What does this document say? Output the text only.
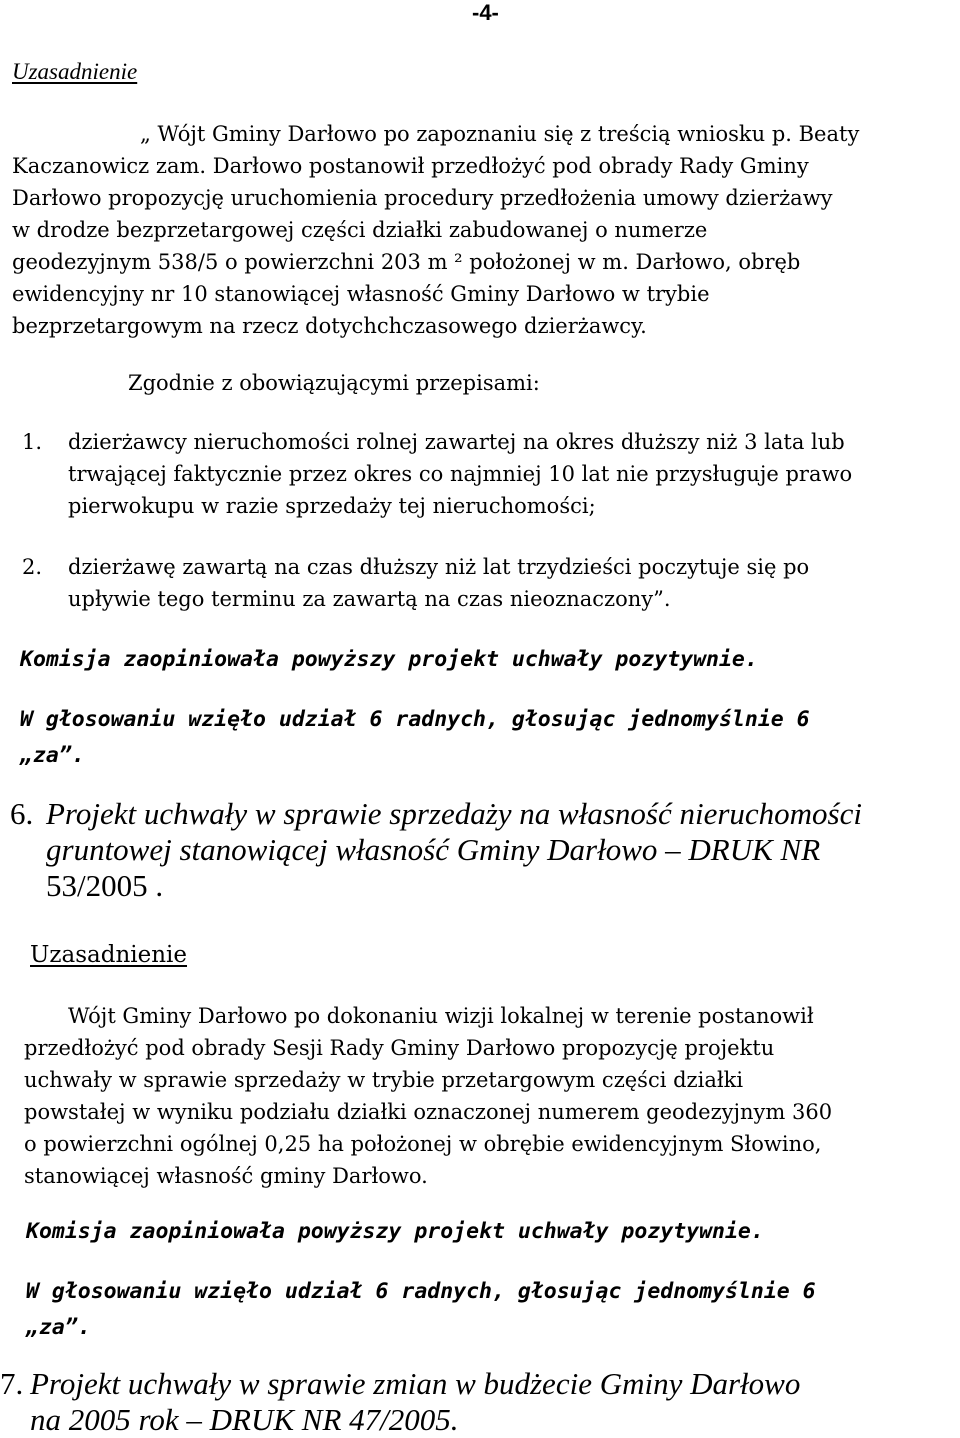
-4-
Uzasadnienie
„ Wójt Gminy Darłowo po zapoznaniu się z treścią wniosku p. Beaty
Kaczanowicz zam. Darłowo postanowił przedłożyć pod obrady Rady Gminy
Darłowo propozycję uruchomienia procedury przedłożenia umowy dzierżawy
w drodze bezprzetargowej części działki zabudowanej o numerze
geodezyjnym 538/5 o powierzchni 203 m ² położonej w m. Darłowo, obręb
ewidencyjny nr 10 stanowiącej własność Gminy Darłowo w trybie
bezprzetargowym na rzecz dotychchczasowego dzierżawcy.
Zgodnie z obowiązującymi przepisami:
1. dzierżawcy nieruchomości rolnej zawartej na okres dłuższy niż 3 lata lub
trwającej faktycznie przez okres co najmniej 10 lat nie przysługuje prawo
pierwokupu w razie sprzedaży tej nieruchomości;
2. dzierżawę zawartą na czas dłuższy niż lat trzydzieści poczytuje się po
upływie tego terminu za zawartą na czas nieoznaczony”.
Komisja zaopiniowała powyższy projekt uchwały pozytywnie.
W głosowaniu wzięło udział 6 radnych, głosując jednomyślnie 6
„za”.
6. Projekt uchwały w sprawie sprzedaży na własność nieruchomości
gruntowej stanowiącej własność Gminy Darłowo – DRUK NR
53/2005 .
Uzasadnienie
Wójt Gminy Darłowo po dokonaniu wizji lokalnej w terenie postanowił
przedłożyć pod obrady Sesji Rady Gminy Darłowo propozycję projektu
uchwały w sprawie sprzedaży w trybie przetargowym części działki
powstałej w wyniku podziału działki oznaczonej numerem geodezyjnym 360
o powierzchni ogólnej 0,25 ha położonej w obrębie ewidencyjnym Słowino,
stanowiącej własność gminy Darłowo.
Komisja zaopiniowała powyższy projekt uchwały pozytywnie.
W głosowaniu wzięło udział 6 radnych, głosując jednomyślnie 6
„za”.
7. Projekt uchwały w sprawie zmian w budżecie Gminy Darłowo
na 2005 rok – DRUK NR 47/2005.
